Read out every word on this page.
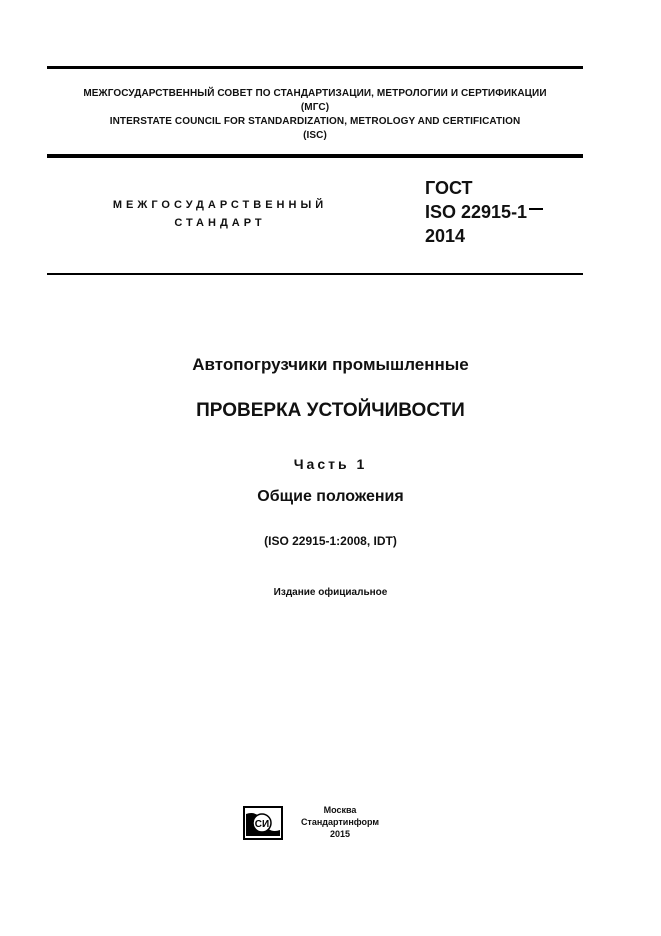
МЕЖГОСУДАРСТВЕННЫЙ СОВЕТ ПО СТАНДАРТИЗАЦИИ, МЕТРОЛОГИИ И СЕРТИФИКАЦИИ
(МГС)
INTERSTATE COUNCIL FOR STANDARDIZATION, METROLOGY AND CERTIFICATION
(ISC)
МЕЖГОСУДАРСТВЕННЫЙ
СТАНДАРТ
ГОСТ
ISO 22915-1
2014
Автопогрузчики промышленные
ПРОВЕРКА УСТОЙЧИВОСТИ
Часть 1
Общие положения
(ISO 22915-1:2008, IDT)
Издание официальное
СИ
Москва
Стандартинформ
2015
